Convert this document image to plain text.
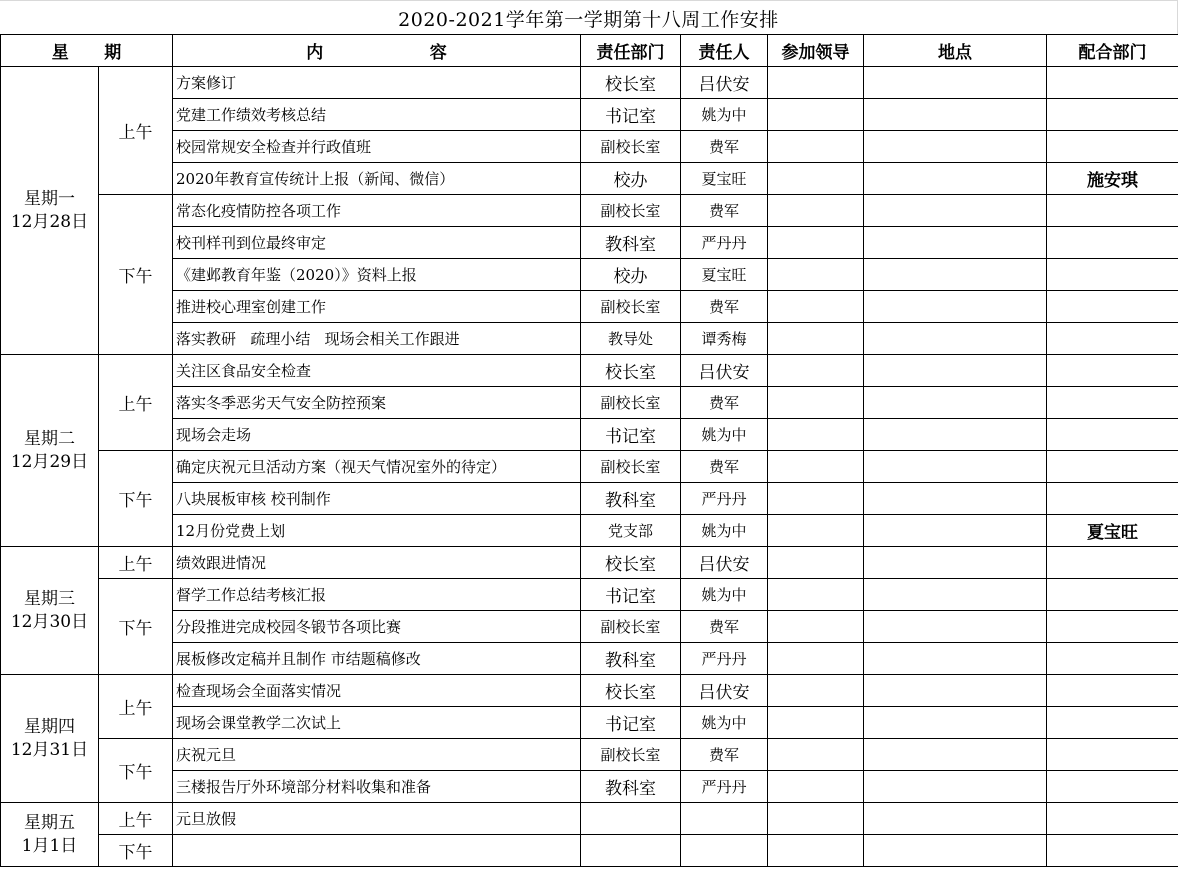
2020-2021学年第一学期第十八周工作安排
星      期		内                  容	责任部门	责任人	参加领导	地点	配合部门
星期一
12月28日	上午	方案修订	校长室	吕伏安			
		党建工作绩效考核总结	书记室	姚为中			
		校园常规安全检查并行政值班	副校长室	费军			
		2020年教育宣传统计上报（新闻、微信）	校办	夏宝旺			施安琪
	下午	常态化疫情防控各项工作	副校长室	费军			
		校刊样刊到位最终审定	教科室	严丹丹			
		《建邺教育年鉴（2020）》资料上报	校办	夏宝旺			
		推进校心理室创建工作	副校长室	费军			
		落实教研   疏理小结   现场会相关工作跟进	教导处	谭秀梅			
星期二
12月29日	上午	关注区食品安全检查	校长室	吕伏安			
		落实冬季恶劣天气安全防控预案	副校长室	费军			
		现场会走场	书记室	姚为中			
	下午	确定庆祝元旦活动方案（视天气情况室外的待定）	副校长室	费军			
		八块展板审核 校刊制作	教科室	严丹丹			
		12月份党费上划	党支部	姚为中			夏宝旺
星期三
12月30日	上午	绩效跟进情况	校长室	吕伏安			
	下午	督学工作总结考核汇报	书记室	姚为中			
		分段推进完成校园冬锻节各项比赛	副校长室	费军			
		展板修改定稿并且制作 市结题稿修改	教科室	严丹丹			
星期四
12月31日	上午	检查现场会全面落实情况	校长室	吕伏安			
		现场会课堂教学二次试上	书记室	姚为中			
	下午	庆祝元旦	副校长室	费军			
		三楼报告厅外环境部分材料收集和准备	教科室	严丹丹			
星期五
1月1日	上午	元旦放假					
	下午						
